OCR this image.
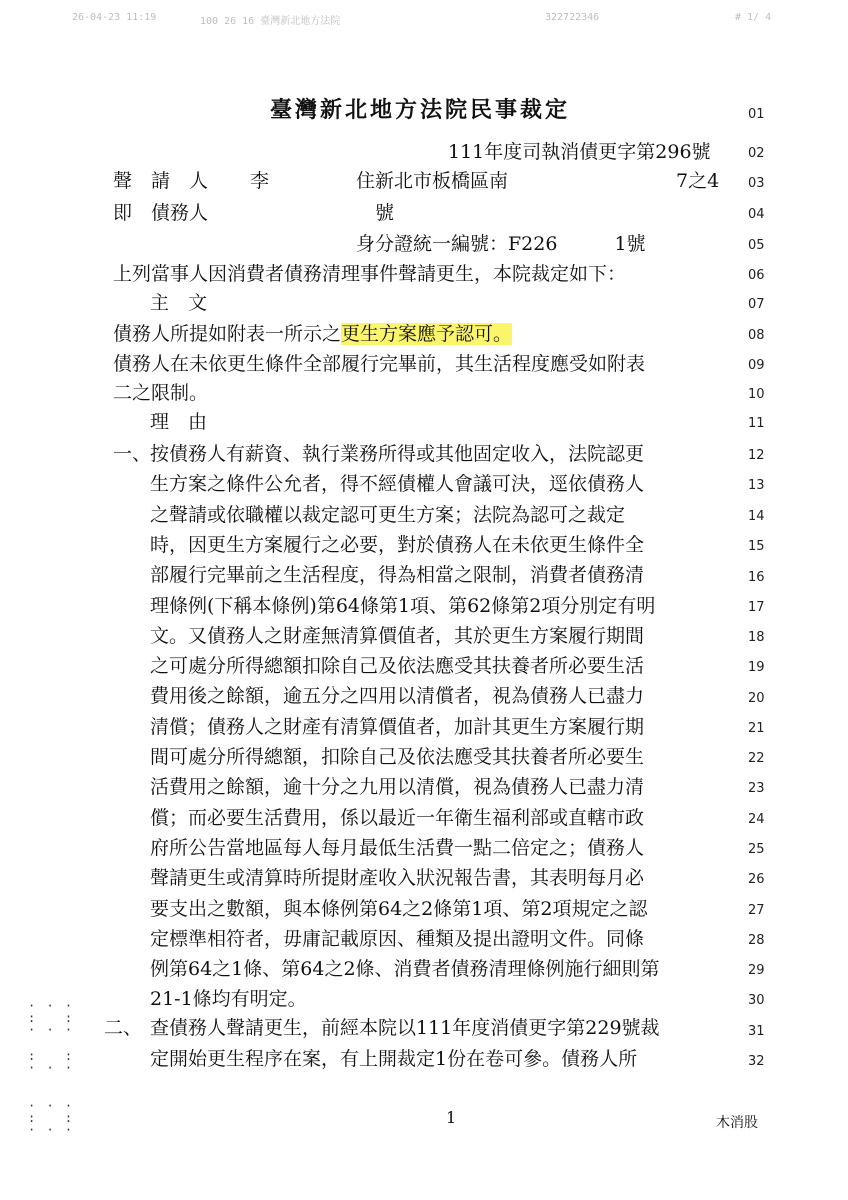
26-04-23 11:19	100 26 16 臺灣新北地方法院	322722346	# 1/ 4
臺灣新北地方法院民事裁定
111年度司執消債更字第296號
聲　請　人 李	住新北市板橋區南	7之4
即　債務人	號
身分證統一編號：F226　　　1號
上列當事人因消費者債務清理事件聲請更生，本院裁定如下：
主　文
債務人所提如附表一所示之更生方案應予認可。
債務人在未依更生條件全部履行完畢前，其生活程度應受如附表
二之限制。
理　由
一、
按債務人有薪資、執行業務所得或其他固定收入，法院認更
生方案之條件公允者，得不經債權人會議可決，逕依債務人
之聲請或依職權以裁定認可更生方案；法院為認可之裁定
時，因更生方案履行之必要，對於債務人在未依更生條件全
部履行完畢前之生活程度，得為相當之限制，消費者債務清
理條例(下稱本條例)第64條第1項、第62條第2項分別定有明
文。又債務人之財產無清算價值者，其於更生方案履行期間
之可處分所得總額扣除自己及依法應受其扶養者所必要生活
費用後之餘額，逾五分之四用以清償者，視為債務人已盡力
清償；債務人之財產有清算價值者，加計其更生方案履行期
間可處分所得總額，扣除自己及依法應受其扶養者所必要生
活費用之餘額，逾十分之九用以清償，視為債務人已盡力清
償；而必要生活費用，係以最近一年衛生福利部或直轄市政
府所公告當地區每人每月最低生活費一點二倍定之；債務人
聲請更生或清算時所提財產收入狀況報告書，其表明每月必
要支出之數額，與本條例第64之2條第1項、第2項規定之認
定標準相符者，毋庸記載原因、種類及提出證明文件。同條
例第64之1條、第64之2條、消費者債務清理條例施行細則第
21-1條均有明定。
二、 查債務人聲請更生，前經本院以111年度消債更字第229號裁
定開始更生程序在案，有上開裁定1份在卷可參。債務人所
01
02
03
04
05
06
07
08
09
10
11
12
13
14
15
16
17
18
19
20
21
22
23
24
25
26
27
28
29
30
31
32
· · ·
:   :
· · ·
:   :
· · ·
· · ·
:   :
· · ·
1	木消股
